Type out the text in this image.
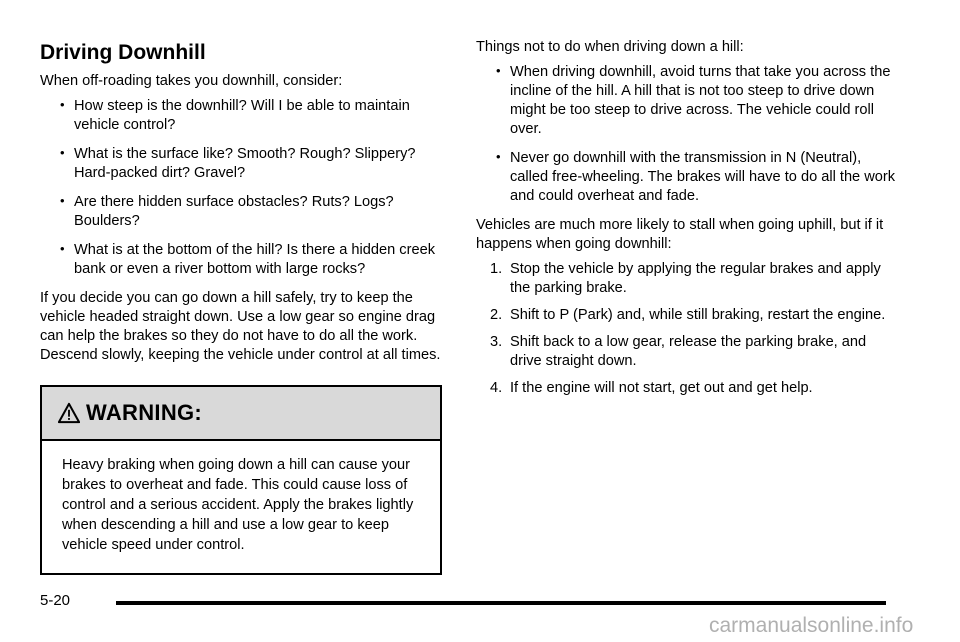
Driving Downhill

When off-roading takes you downhill, consider:

• How steep is the downhill? Will I be able to maintain vehicle control?
• What is the surface like? Smooth? Rough? Slippery? Hard-packed dirt? Gravel?
• Are there hidden surface obstacles? Ruts? Logs? Boulders?
• What is at the bottom of the hill? Is there a hidden creek bank or even a river bottom with large rocks?

If you decide you can go down a hill safely, try to keep the vehicle headed straight down. Use a low gear so engine drag can help the brakes so they do not have to do all the work. Descend slowly, keeping the vehicle under control at all times.

WARNING:
Heavy braking when going down a hill can cause your brakes to overheat and fade. This could cause loss of control and a serious accident. Apply the brakes lightly when descending a hill and use a low gear to keep vehicle speed under control.

Things not to do when driving down a hill:

• When driving downhill, avoid turns that take you across the incline of the hill. A hill that is not too steep to drive down might be too steep to drive across. The vehicle could roll over.
• Never go downhill with the transmission in N (Neutral), called free-wheeling. The brakes will have to do all the work and could overheat and fade.

Vehicles are much more likely to stall when going uphill, but if it happens when going downhill:

1. Stop the vehicle by applying the regular brakes and apply the parking brake.
2. Shift to P (Park) and, while still braking, restart the engine.
3. Shift back to a low gear, release the parking brake, and drive straight down.
4. If the engine will not start, get out and get help.
5-20
carmanualsonline.info
